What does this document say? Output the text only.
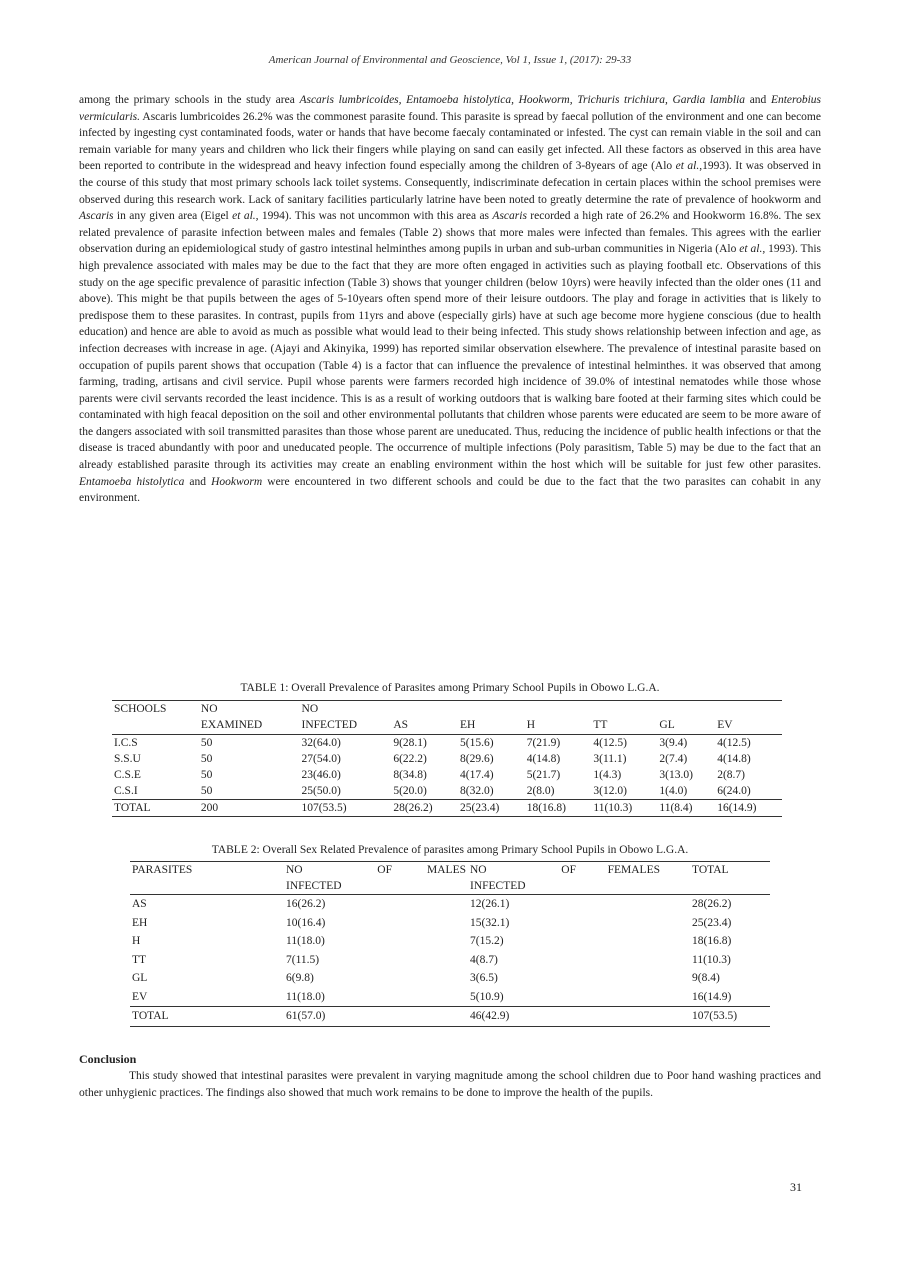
American Journal of Environmental and Geoscience, Vol 1, Issue 1, (2017): 29-33

among the primary schools in the study area Ascaris lumbricoides, Entamoeba histolytica, Hookworm, Trichuris trichiura, Gardia lamblia and Enterobius vermicularis. Ascaris lumbricoides 26.2% was the commonest parasite found. This parasite is spread by faecal pollution of the environment and one can become infected by ingesting cyst contaminated foods, water or hands that have become faecaly contaminated or infested. The cyst can remain viable in the soil and can remain variable for many years and children who lick their fingers while playing on sand can easily get infected. All these factors as observed in this area have been reported to contribute in the widespread and heavy infection found especially among the children of 3-8years of age (Alo et al.,1993). It was observed in the course of this study that most primary schools lack toilet systems. Consequently, indiscriminate defecation in certain places within the school premises were observed during this research work. Lack of sanitary facilities particularly latrine have been noted to greatly determine the rate of prevalence of hookworm and Ascaris in any given area (Eigel et al., 1994). This was not uncommon with this area as Ascaris recorded a high rate of 26.2% and Hookworm 16.8%. The sex related prevalence of parasite infection between males and females (Table 2) shows that more males were infected than females. This agrees with the earlier observation during an epidemiological study of gastro intestinal helminthes among pupils in urban and sub-urban communities in Nigeria (Alo et al., 1993). This high prevalence associated with males may be due to the fact that they are more often engaged in activities such as playing football etc. Observations of this study on the age specific prevalence of parasitic infection (Table 3) shows that younger children (below 10yrs) were heavily infected than the older ones (11 and above). This might be that pupils between the ages of 5-10years often spend more of their leisure outdoors. The play and forage in activities that is likely to predispose them to these parasites. In contrast, pupils from 11yrs and above (especially girls) have at such age become more hygiene conscious (due to health education) and hence are able to avoid as much as possible what would lead to their being infected. This study shows relationship between infection and age, as infection decreases with increase in age. (Ajayi and Akinyika, 1999) has reported similar observation elsewhere. The prevalence of intestinal parasite based on occupation of pupils parent shows that occupation (Table 4) is a factor that can influence the prevalence of intestinal helminthes. it was observed that among farming, trading, artisans and civil service. Pupil whose parents were farmers recorded high incidence of 39.0% of intestinal nematodes while those whose parents were civil servants recorded the least incidence. This is as a result of working outdoors that is walking bare footed at their farming sites which could be contaminated with high feacal deposition on the soil and other environmental pollutants that children whose parents were educated are seem to be more aware of the dangers associated with soil transmitted parasites than those whose parent are uneducated. Thus, reducing the incidence of public health infections or that the disease is traced abundantly with poor and uneducated people. The occurrence of multiple infections (Poly parasitism, Table 5) may be due to the fact that an already established parasite through its activities may create an enabling environment within the host which will be suitable for just few other parasites. Entamoeba histolytica and Hookworm were encountered in two different schools and could be due to the fact that the two parasites can cohabit in any environment.

TABLE 1: Overall Prevalence of Parasites among Primary School Pupils in Obowo L.G.A.
SCHOOLS	NO	NO						
	EXAMINED	INFECTED	AS	EH	H	TT	GL	EV
I.C.S	50	32(64.0)	9(28.1)	5(15.6)	7(21.9)	4(12.5)	3(9.4)	4(12.5)
S.S.U	50	27(54.0)	6(22.2)	8(29.6)	4(14.8)	3(11.1)	2(7.4)	4(14.8)
C.S.E	50	23(46.0)	8(34.8)	4(17.4)	5(21.7)	1(4.3)	3(13.0)	2(8.7)
C.S.I	50	25(50.0)	5(20.0)	8(32.0)	2(8.0)	3(12.0)	1(4.0)	6(24.0)
TOTAL	200	107(53.5)	28(26.2)	25(23.4)	18(16.8)	11(10.3)	11(8.4)	16(14.9)
TABLE 2: Overall Sex Related Prevalence of parasites among Primary School Pupils in Obowo L.G.A.
PARASITES	NO	OF	MALES	NO	OF	FEMALES	TOTAL
	INFECTED			INFECTED			
AS	16(26.2)			12(26.1)			28(26.2)
EH	10(16.4)			15(32.1)			25(23.4)
H	11(18.0)			7(15.2)			18(16.8)
TT	7(11.5)			4(8.7)			11(10.3)
GL	6(9.8)			3(6.5)			9(8.4)
EV	11(18.0)			5(10.9)			16(14.9)
TOTAL	61(57.0)			46(42.9)			107(53.5)
Conclusion

This study showed that intestinal parasites were prevalent in varying magnitude among the school children due to Poor hand washing practices and other unhygienic practices. The findings also showed that much work remains to be done to improve the health of the pupils.

31
